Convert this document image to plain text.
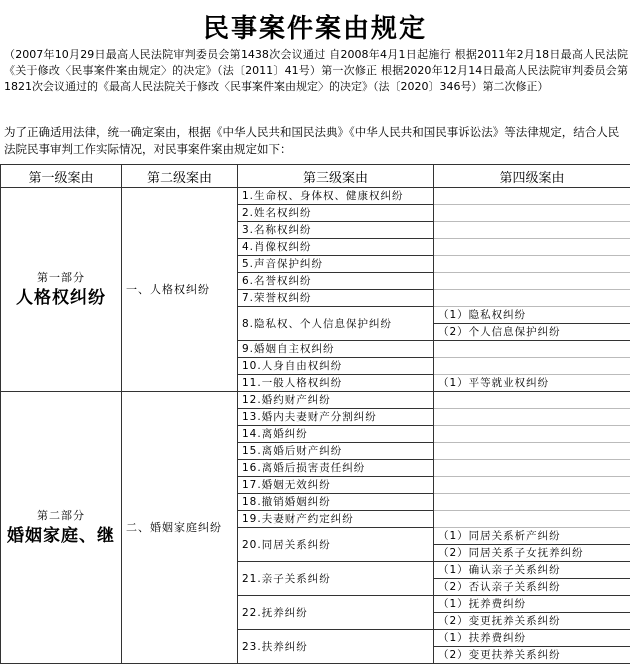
民事案件案由规定
（2007年10月29日最高人民法院审判委员会第1438次会议通过 自2008年4月1日起施行 根据2011年2月18日最高人民法院《关于修改〈民事案件案由规定〉的决定》（法〔2011〕41号）第一次修正 根据2020年12月14日最高人民法院审判委员会第1821次会议通过的《最高人民法院关于修改〈民事案件案由规定〉的决定》（法〔2020〕346号）第二次修正）
为了正确适用法律，统一确定案由，根据《中华人民共和国民法典》《中华人民共和国民事诉讼法》等法律规定，结合人民法院民事审判工作实际情况，对民事案件案由规定如下：
第一级案由	第二级案由	第三级案由	第四级案由

第一部分
人格权纠纷	一、人格权纠纷	1.生命权、身体权、健康权纠纷	
		2.姓名权纠纷	
		3.名称权纠纷	
		4.肖像权纠纷	
		5.声音保护纠纷	
		6.名誉权纠纷	
		7.荣誉权纠纷	
		8.隐私权、个人信息保护纠纷	（1）隐私权纠纷
			（2）个人信息保护纠纷
		9.婚姻自主权纠纷	
		10.人身自由权纠纷	
		11.一般人格权纠纷	（1）平等就业权纠纷

第二部分
婚姻家庭、继	二、婚姻家庭纠纷	12.婚约财产纠纷	
		13.婚内夫妻财产分割纠纷	
		14.离婚纠纷	
		15.离婚后财产纠纷	
		16.离婚后损害责任纠纷	
		17.婚姻无效纠纷	
		18.撤销婚姻纠纷	
		19.夫妻财产约定纠纷	
		20.同居关系纠纷	（1）同居关系析产纠纷
			（2）同居关系子女抚养纠纷
		21.亲子关系纠纷	（1）确认亲子关系纠纷
			（2）否认亲子关系纠纷
		22.抚养纠纷	（1）抚养费纠纷
			（2）变更抚养关系纠纷
		23.扶养纠纷	（1）扶养费纠纷
			（2）变更扶养关系纠纷
